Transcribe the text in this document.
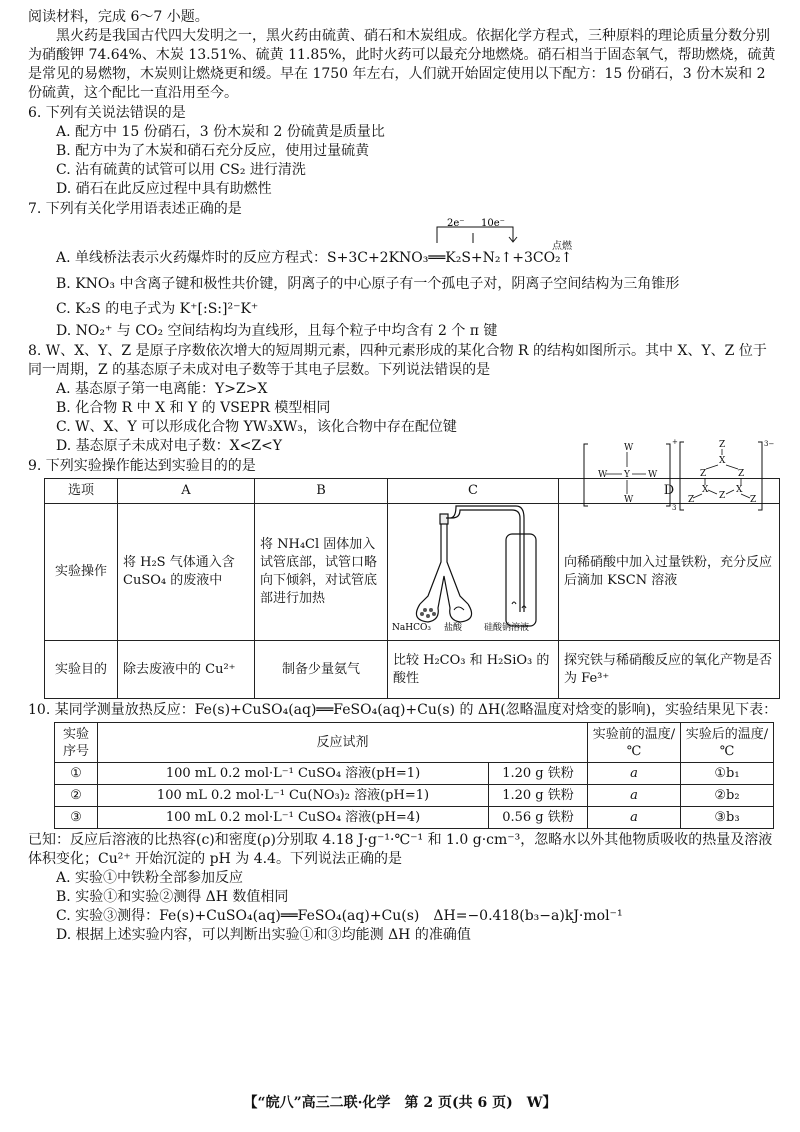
阅读材料，完成 6～7 小题。

黑火药是我国古代四大发明之一，黑火药由硫黄、硝石和木炭组成。依据化学方程式，三种原料的理论质量分数分别为硝酸钾 74.64%、木炭 13.51%、硫黄 11.85%，此时火药可以最充分地燃烧。硝石相当于固态氧气，帮助燃烧，硫黄是常见的易燃物，木炭则让燃烧更和缓。早在 1750 年左右，人们就开始固定使用以下配方：15 份硝石，3 份木炭和 2 份硫黄，这个配比一直沿用至今。

6. 下列有关说法错误的是

A. 配方中 15 份硝石，3 份木炭和 2 份硫黄是质量比

B. 配方中为了木炭和硝石充分反应，使用过量硫黄

C. 沾有硫黄的试管可以用 CS₂ 进行清洗

D. 硝石在此反应过程中具有助燃性

7. 下列有关化学用语表述正确的是

2e⁻ 10e⁻
点燃

A. 单线桥法表示火药爆炸时的反应方程式：S+3C+2KNO₃══K₂S+N₂↑+3CO₂↑

B. KNO₃ 中含离子键和极性共价键，阴离子的中心原子有一个孤电子对，阴离子空间结构为三角锥形

C. K₂S 的电子式为 K⁺[:S:]²⁻K⁺

D. NO₂⁺ 与 CO₂ 空间结构均为直线形，且每个粒子中均含有 2 个 π 键

8. W、X、Y、Z 是原子序数依次增大的短周期元素，四种元素形成的某化合物 R 的结构如图所示。其中 X、Y、Z 位于同一周期，Z 的基态原子未成对电子数等于其电子层数。下列说法错误的是

A. 基态原子第一电离能：Y>Z>X

B. 化合物 R 中 X 和 Y 的 VSEPR 模型相同

C. W、X、Y 可以形成化合物 YW₃XW₃，该化合物中存在配位键

D. 基态原子未成对电子数：X<Z<Y	W
W Y W
W
+
3
Z
X
Z	Z
X	X
Z
Z	Z
3−

9. 下列实验操作能达到实验目的的是

选项	A	B	C	D
实验操作	将 H₂S 气体通入含 CuSO₄ 的废液中	将 NH₄Cl 固体加入试管底部，试管口略向下倾斜，对试管底部进行加热	NaHCO₃ 盐酸 硅酸钠溶液	向稀硝酸中加入过量铁粉，充分反应后滴加 KSCN 溶液
实验目的	除去废液中的 Cu²⁺	制备少量氨气	比较 H₂CO₃ 和 H₂SiO₃ 的酸性	探究铁与稀硝酸反应的氧化产物是否为 Fe³⁺

10. 某同学测量放热反应：Fe(s)+CuSO₄(aq)══FeSO₄(aq)+Cu(s) 的 ΔH(忽略温度对焓变的影响)，实验结果见下表：

实验序号	反应试剂		实验前的温度/℃	实验后的温度/℃
①	100 mL 0.2 mol·L⁻¹ CuSO₄ 溶液(pH=1)	1.20 g 铁粉	a	①b₁
②	100 mL 0.2 mol·L⁻¹ Cu(NO₃)₂ 溶液(pH=1)	1.20 g 铁粉	a	②b₂
③	100 mL 0.2 mol·L⁻¹ CuSO₄ 溶液(pH=4)	0.56 g 铁粉	a	③b₃

已知：反应后溶液的比热容(c)和密度(ρ)分别取 4.18 J·g⁻¹·℃⁻¹ 和 1.0 g·cm⁻³，忽略水以外其他物质吸收的热量及溶液体积变化；Cu²⁺ 开始沉淀的 pH 为 4.4。下列说法正确的是

A. 实验①中铁粉全部参加反应

B. 实验①和实验②测得 ΔH 数值相同

C. 实验③测得：Fe(s)+CuSO₄(aq)══FeSO₄(aq)+Cu(s)　ΔH=−0.418(b₃−a)kJ·mol⁻¹

D. 根据上述实验内容，可以判断出实验①和③均能测 ΔH 的准确值

【“皖八”高三二联·化学　第 2 页(共 6 页)　W】
